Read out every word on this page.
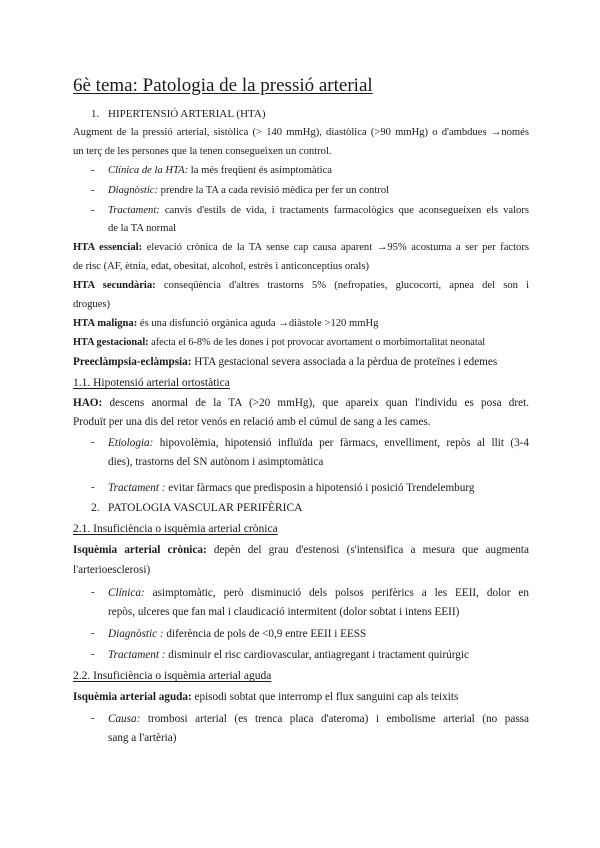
6è tema: Patologia de la pressió arterial
1. HIPERTENSIÓ ARTERIAL (HTA)
Augment de la pressió arterial, sistòlica (> 140 mmHg), diastòlica (>90 mmHg) o d'ambdues →només
un terç de les persones que la tenen consegueixen un control.
- Clínica de la HTA: la més freqüent és asimptomàtica
- Diagnòstic: prendre la TA a cada revisió mèdica per fer un control
- Tractament: canvis d'estils de vida, i tractaments farmacològics que aconsegueixen els valors
de la TA normal
HTA essencial: elevació crònica de la TA sense cap causa aparent →95% acostuma a ser per factors
de risc (AF, ètnia, edat, obesitat, alcohol, estrès i anticonceptius orals)
HTA secundària: conseqüència d'altres trastorns 5% (nefropaties, glucocorti, apnea del son i
drogues)
HTA maligna: és una disfunció orgànica aguda →diàstole >120 mmHg
HTA gestacional: afecta el 6-8% de les dones i pot provocar avortament o morbimortalitat neonatal
Preeclàmpsia-eclàmpsia: HTA gestacional severa associada a la pèrdua de proteïnes i edemes
1.1. Hipotensió arterial ortostàtica
HAO: descens anormal de la TA (>20 mmHg), que apareix quan l'individu es posa dret.
Produït per una dis del retor venós en relació amb el cúmul de sang a les cames.
- Etiologia: hipovolèmia, hipotensió influïda per fàrmacs, envelliment, repòs al llit (3-4
dies), trastorns del SN autònom i asimptomàtica
- Tractament : evitar fàrmacs que predisposin a hipotensió i posició Trendelemburg
2. PATOLOGIA VASCULAR PERIFÈRICA
2.1. Insuficiència o isquèmia arterial crònica
Isquèmia arterial crònica: depèn del grau d'estenosi (s'intensifica a mesura que augmenta
l'arterioesclerosi)
- Clínica: asimptomàtic, però disminució dels polsos perifèrics a les EEII, dolor en
repòs, ulceres que fan mal i claudicació intermitent (dolor sobtat i intens EEII)
- Diagnòstic : diferència de pols de <0,9 entre EEII i EESS
- Tractament : disminuir el risc cardiovascular, antiagregant i tractament quirúrgic
2.2. Insuficiència o isquèmia arterial aguda
Isquèmia arterial aguda: episodi sobtat que interromp el flux sanguini cap als teixits
- Causa: trombosi arterial (es trenca placa d'ateroma) i embolisme arterial (no passa
sang a l'artèria)
